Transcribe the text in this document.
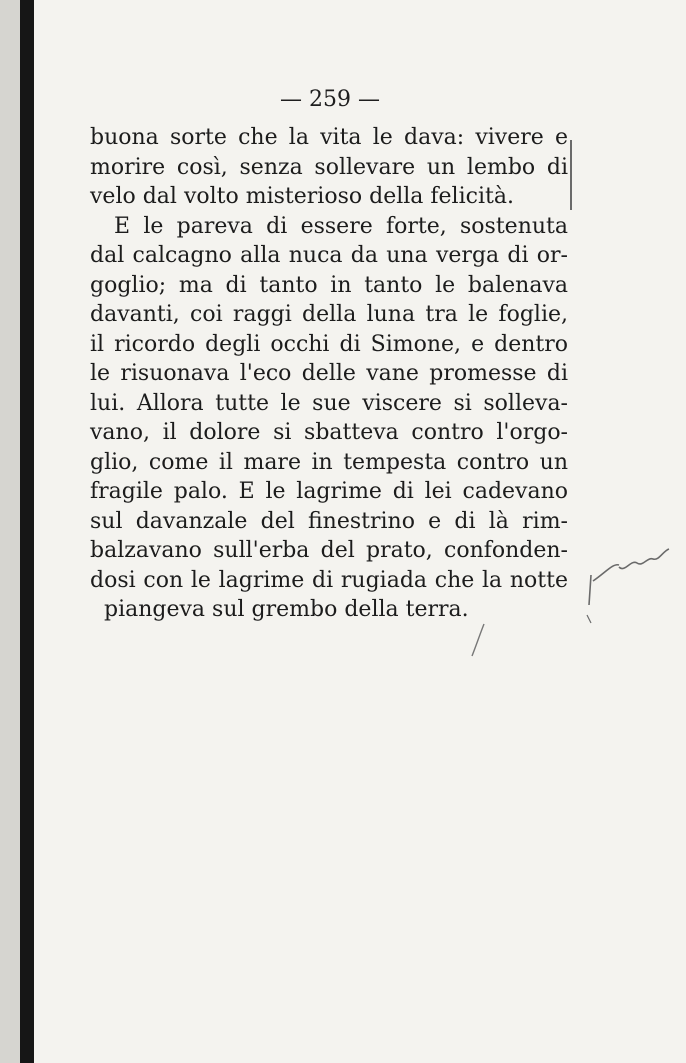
— 259 —
buona sorte che la vita le dava: vivere e
morire così, senza sollevare un lembo di
velo dal volto misterioso della felicità.
E le pareva di essere forte, sostenuta
dal calcagno alla nuca da una verga di or-
goglio; ma di tanto in tanto le balenava
davanti, coi raggi della luna tra le foglie,
il ricordo degli occhi di Simone, e dentro
le risuonava l'eco delle vane promesse di
lui. Allora tutte le sue viscere si solleva-
vano, il dolore si sbatteva contro l'orgo-
glio, come il mare in tempesta contro un
fragile palo. E le lagrime di lei cadevano
sul davanzale del finestrino e di là rim-
balzavano sull'erba del prato, confonden-
dosi con le lagrime di rugiada che la notte
piangeva sul grembo della terra.
